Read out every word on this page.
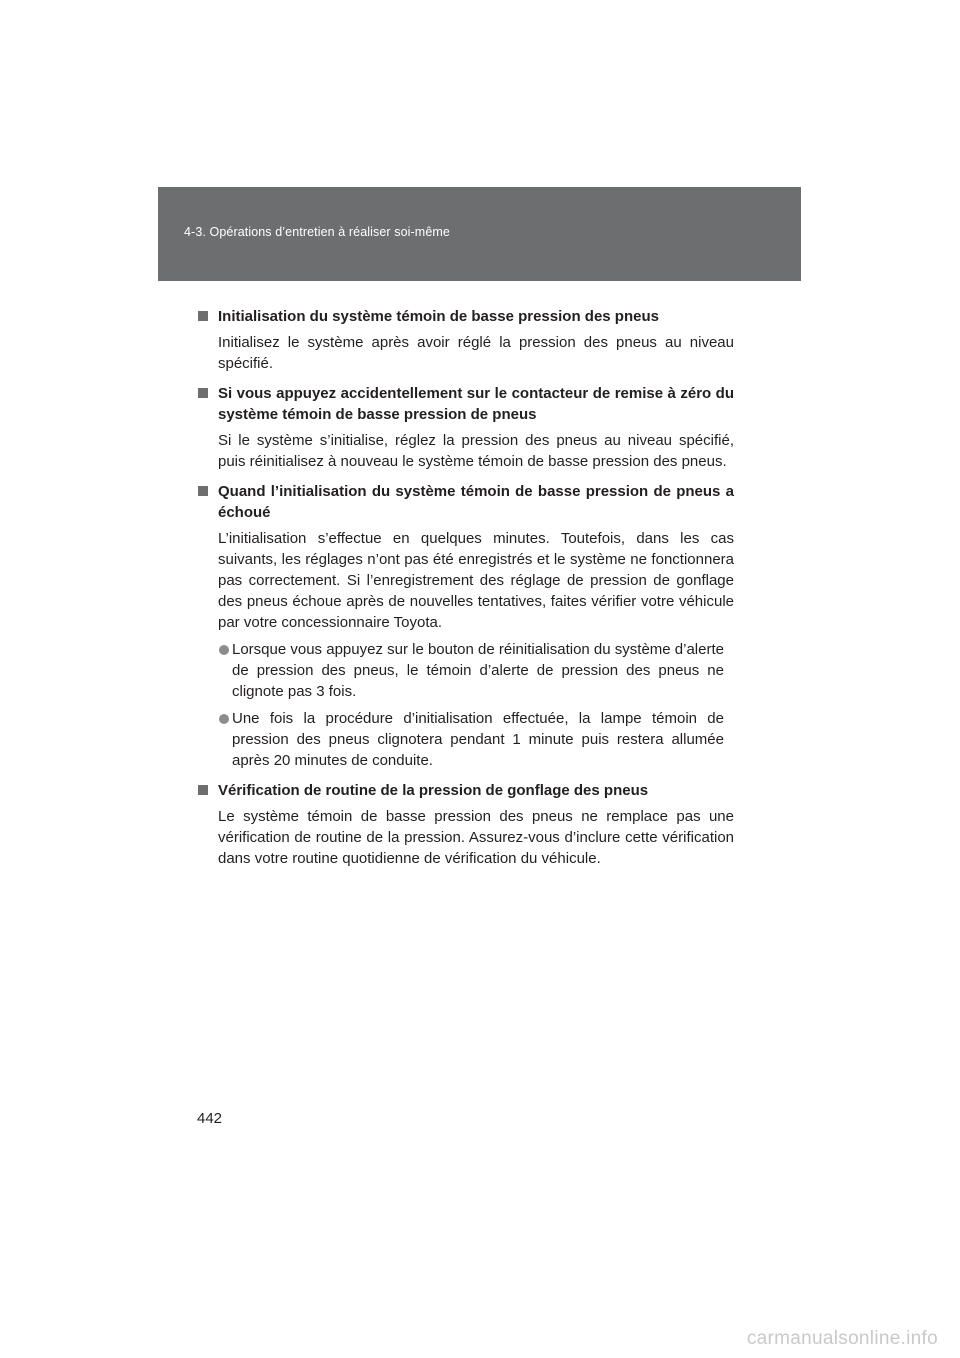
4-3. Opérations d’entretien à réaliser soi-même

Initialisation du système témoin de basse pression des pneus

Initialisez le système après avoir réglé la pression des pneus au niveau spécifié.

Si vous appuyez accidentellement sur le contacteur de remise à zéro du système témoin de basse pression de pneus

Si le système s’initialise, réglez la pression des pneus au niveau spécifié, puis réinitialisez à nouveau le système témoin de basse pression des pneus.

Quand l’initialisation du système témoin de basse pression de pneus a échoué

L’initialisation s’effectue en quelques minutes. Toutefois, dans les cas suivants, les réglages n’ont pas été enregistrés et le système ne fonctionnera pas correctement. Si l’enregistrement des réglage de pression de gonflage des pneus échoue après de nouvelles tentatives, faites vérifier votre véhicule par votre concessionnaire Toyota.

Lorsque vous appuyez sur le bouton de réinitialisation du système d’alerte de pression des pneus, le témoin d’alerte de pression des pneus ne clignote pas 3 fois.

Une fois la procédure d’initialisation effectuée, la lampe témoin de pression des pneus clignotera pendant 1 minute puis restera allumée après 20 minutes de conduite.

Vérification de routine de la pression de gonflage des pneus

Le système témoin de basse pression des pneus ne remplace pas une vérification de routine de la pression. Assurez-vous d’inclure cette vérification dans votre routine quotidienne de vérification du véhicule.

442
carmanualsonline.info
